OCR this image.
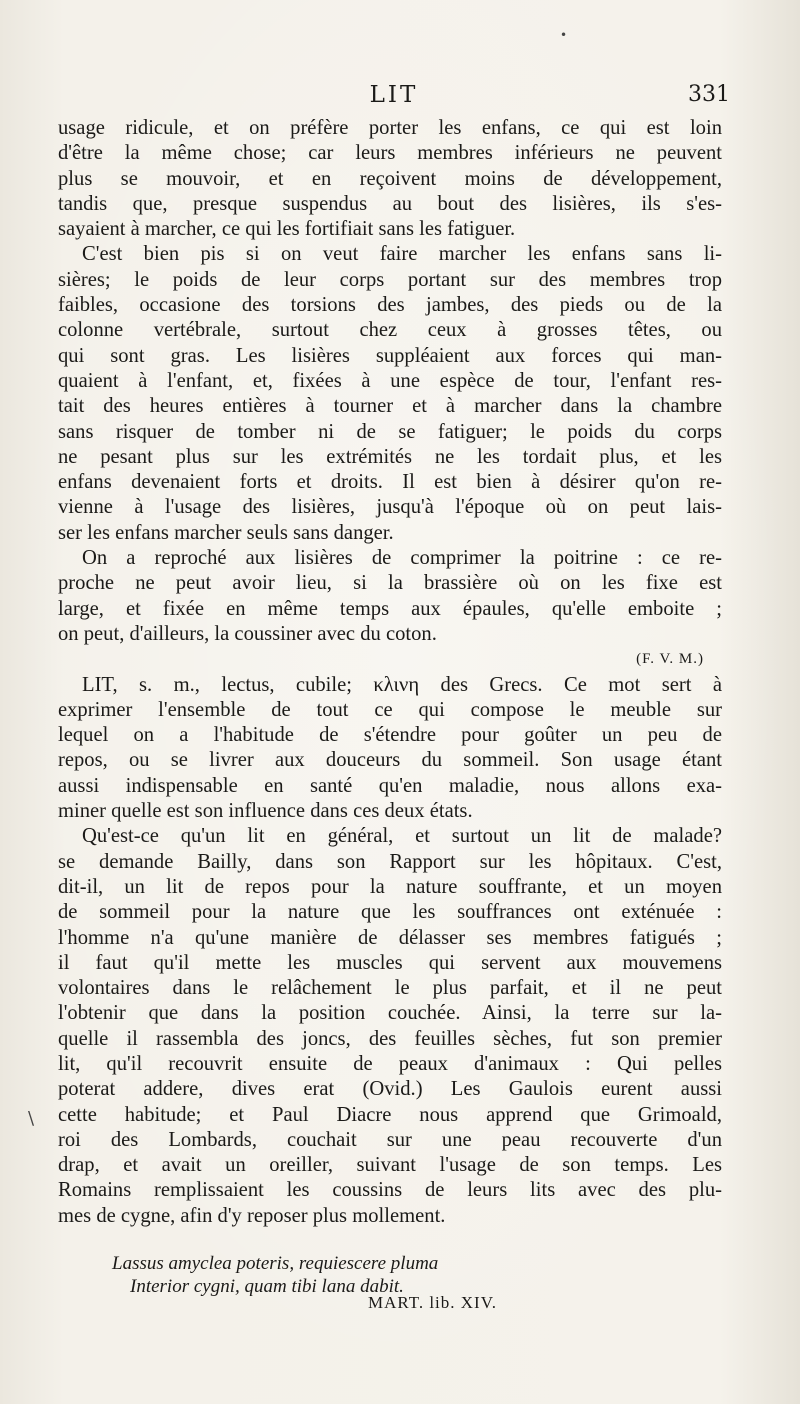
LIT	331
usage ridicule, et on préfère porter les enfans, ce qui est loin
d'être la même chose; car leurs membres inférieurs ne peuvent
plus se mouvoir, et en reçoivent moins de développement,
tandis que, presque suspendus au bout des lisières, ils s'es-
sayaient à marcher, ce qui les fortifiait sans les fatiguer.
C'est bien pis si on veut faire marcher les enfans sans li-
sières; le poids de leur corps portant sur des membres trop
faibles, occasione des torsions des jambes, des pieds ou de la
colonne vertébrale, surtout chez ceux à grosses têtes, ou
qui sont gras. Les lisières suppléaient aux forces qui man-
quaient à l'enfant, et, fixées à une espèce de tour, l'enfant res-
tait des heures entières à tourner et à marcher dans la chambre
sans risquer de tomber ni de se fatiguer; le poids du corps
ne pesant plus sur les extrémités ne les tordait plus, et les
enfans devenaient forts et droits. Il est bien à désirer qu'on re-
vienne à l'usage des lisières, jusqu'à l'époque où on peut lais-
ser les enfans marcher seuls sans danger.
On a reproché aux lisières de comprimer la poitrine : ce re-
proche ne peut avoir lieu, si la brassière où on les fixe est
large, et fixée en même temps aux épaules, qu'elle emboite ;
on peut, d'ailleurs, la coussiner avec du coton.
(F. V. M.)
LIT, s. m., lectus, cubile; κλινη des Grecs. Ce mot sert à
exprimer l'ensemble de tout ce qui compose le meuble sur
lequel on a l'habitude de s'étendre pour goûter un peu de
repos, ou se livrer aux douceurs du sommeil. Son usage étant
aussi indispensable en santé qu'en maladie, nous allons exa-
miner quelle est son influence dans ces deux états.
Qu'est-ce qu'un lit en général, et surtout un lit de malade?
se demande Bailly, dans son Rapport sur les hôpitaux. C'est,
dit-il, un lit de repos pour la nature souffrante, et un moyen
de sommeil pour la nature que les souffrances ont exténuée :
l'homme n'a qu'une manière de délasser ses membres fatigués ;
il faut qu'il mette les muscles qui servent aux mouvemens
volontaires dans le relâchement le plus parfait, et il ne peut
l'obtenir que dans la position couchée. Ainsi, la terre sur la-
quelle il rassembla des joncs, des feuilles sèches, fut son premier
lit, qu'il recouvrit ensuite de peaux d'animaux : Qui pelles
poterat addere, dives erat (Ovid.) Les Gaulois eurent aussi
cette habitude; et Paul Diacre nous apprend que Grimoald,
roi des Lombards, couchait sur une peau recouverte d'un
drap, et avait un oreiller, suivant l'usage de son temps. Les
Romains remplissaient les coussins de leurs lits avec des plu-
mes de cygne, afin d'y reposer plus mollement.
Lassus amyclea poteris, requiescere pluma
Interior cygni, quam tibi lana dabit.
MART. lib. XIV.
\
•
